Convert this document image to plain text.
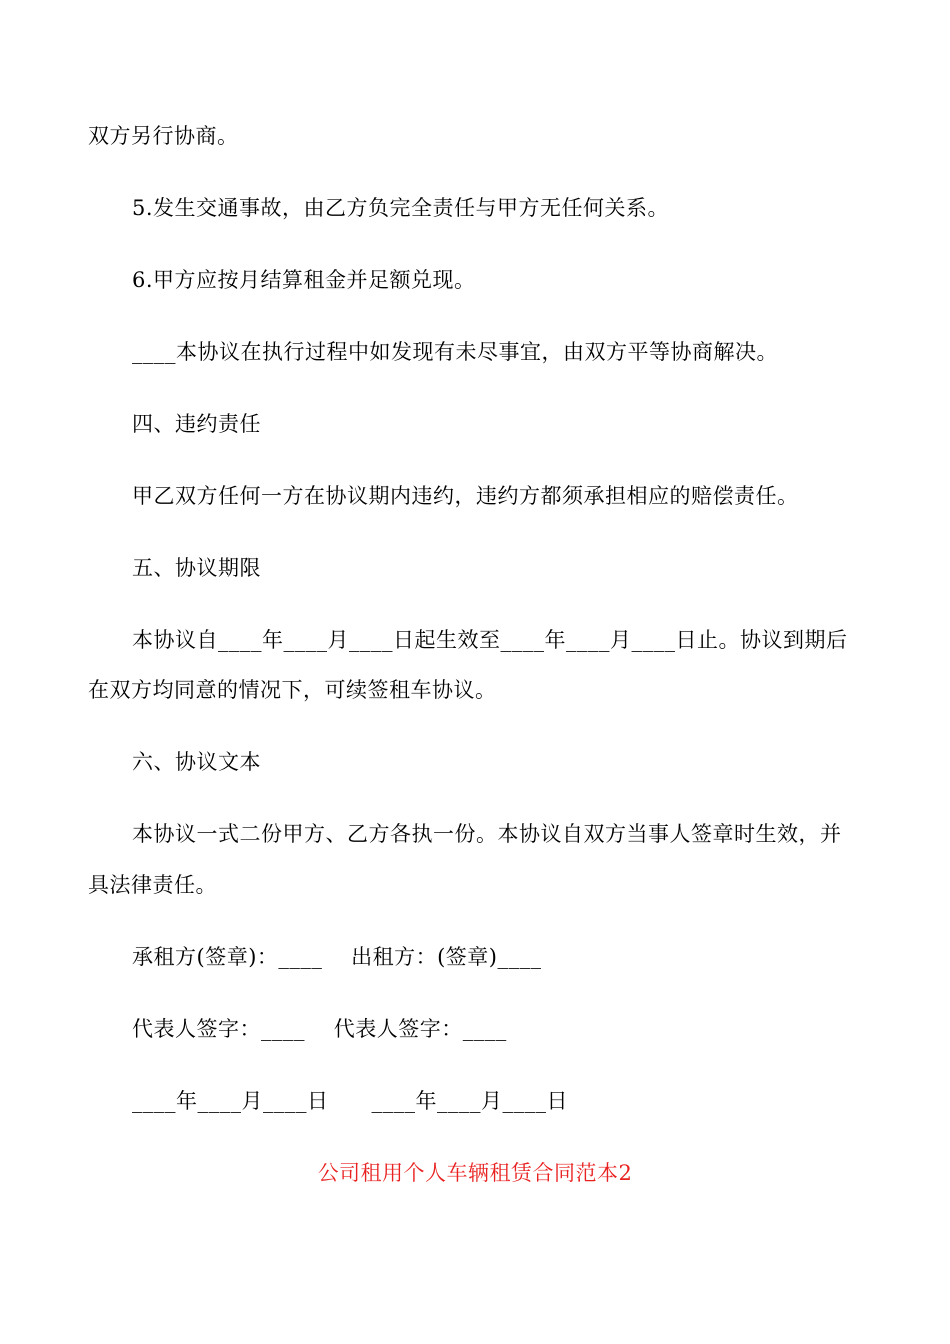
双方另行协商。
5.发生交通事故，由乙方负完全责任与甲方无任何关系。
6.甲方应按月结算租金并足额兑现。
____本协议在执行过程中如发现有未尽事宜，由双方平等协商解决。
四、违约责任
甲乙双方任何一方在协议期内违约，违约方都须承担相应的赔偿责任。
五、协议期限
本协议自____年____月____日起生效至____年____月____日止。协议到期后
在双方均同意的情况下，可续签租车协议。
六、协议文本
本协议一式二份甲方、乙方各执一份。本协议自双方当事人签章时生效，并
具法律责任。
承租方(签章)：____    出租方：(签章)____
代表人签字：____    代表人签字：____
____年____月____日      ____年____月____日
公司租用个人车辆租赁合同范本2
